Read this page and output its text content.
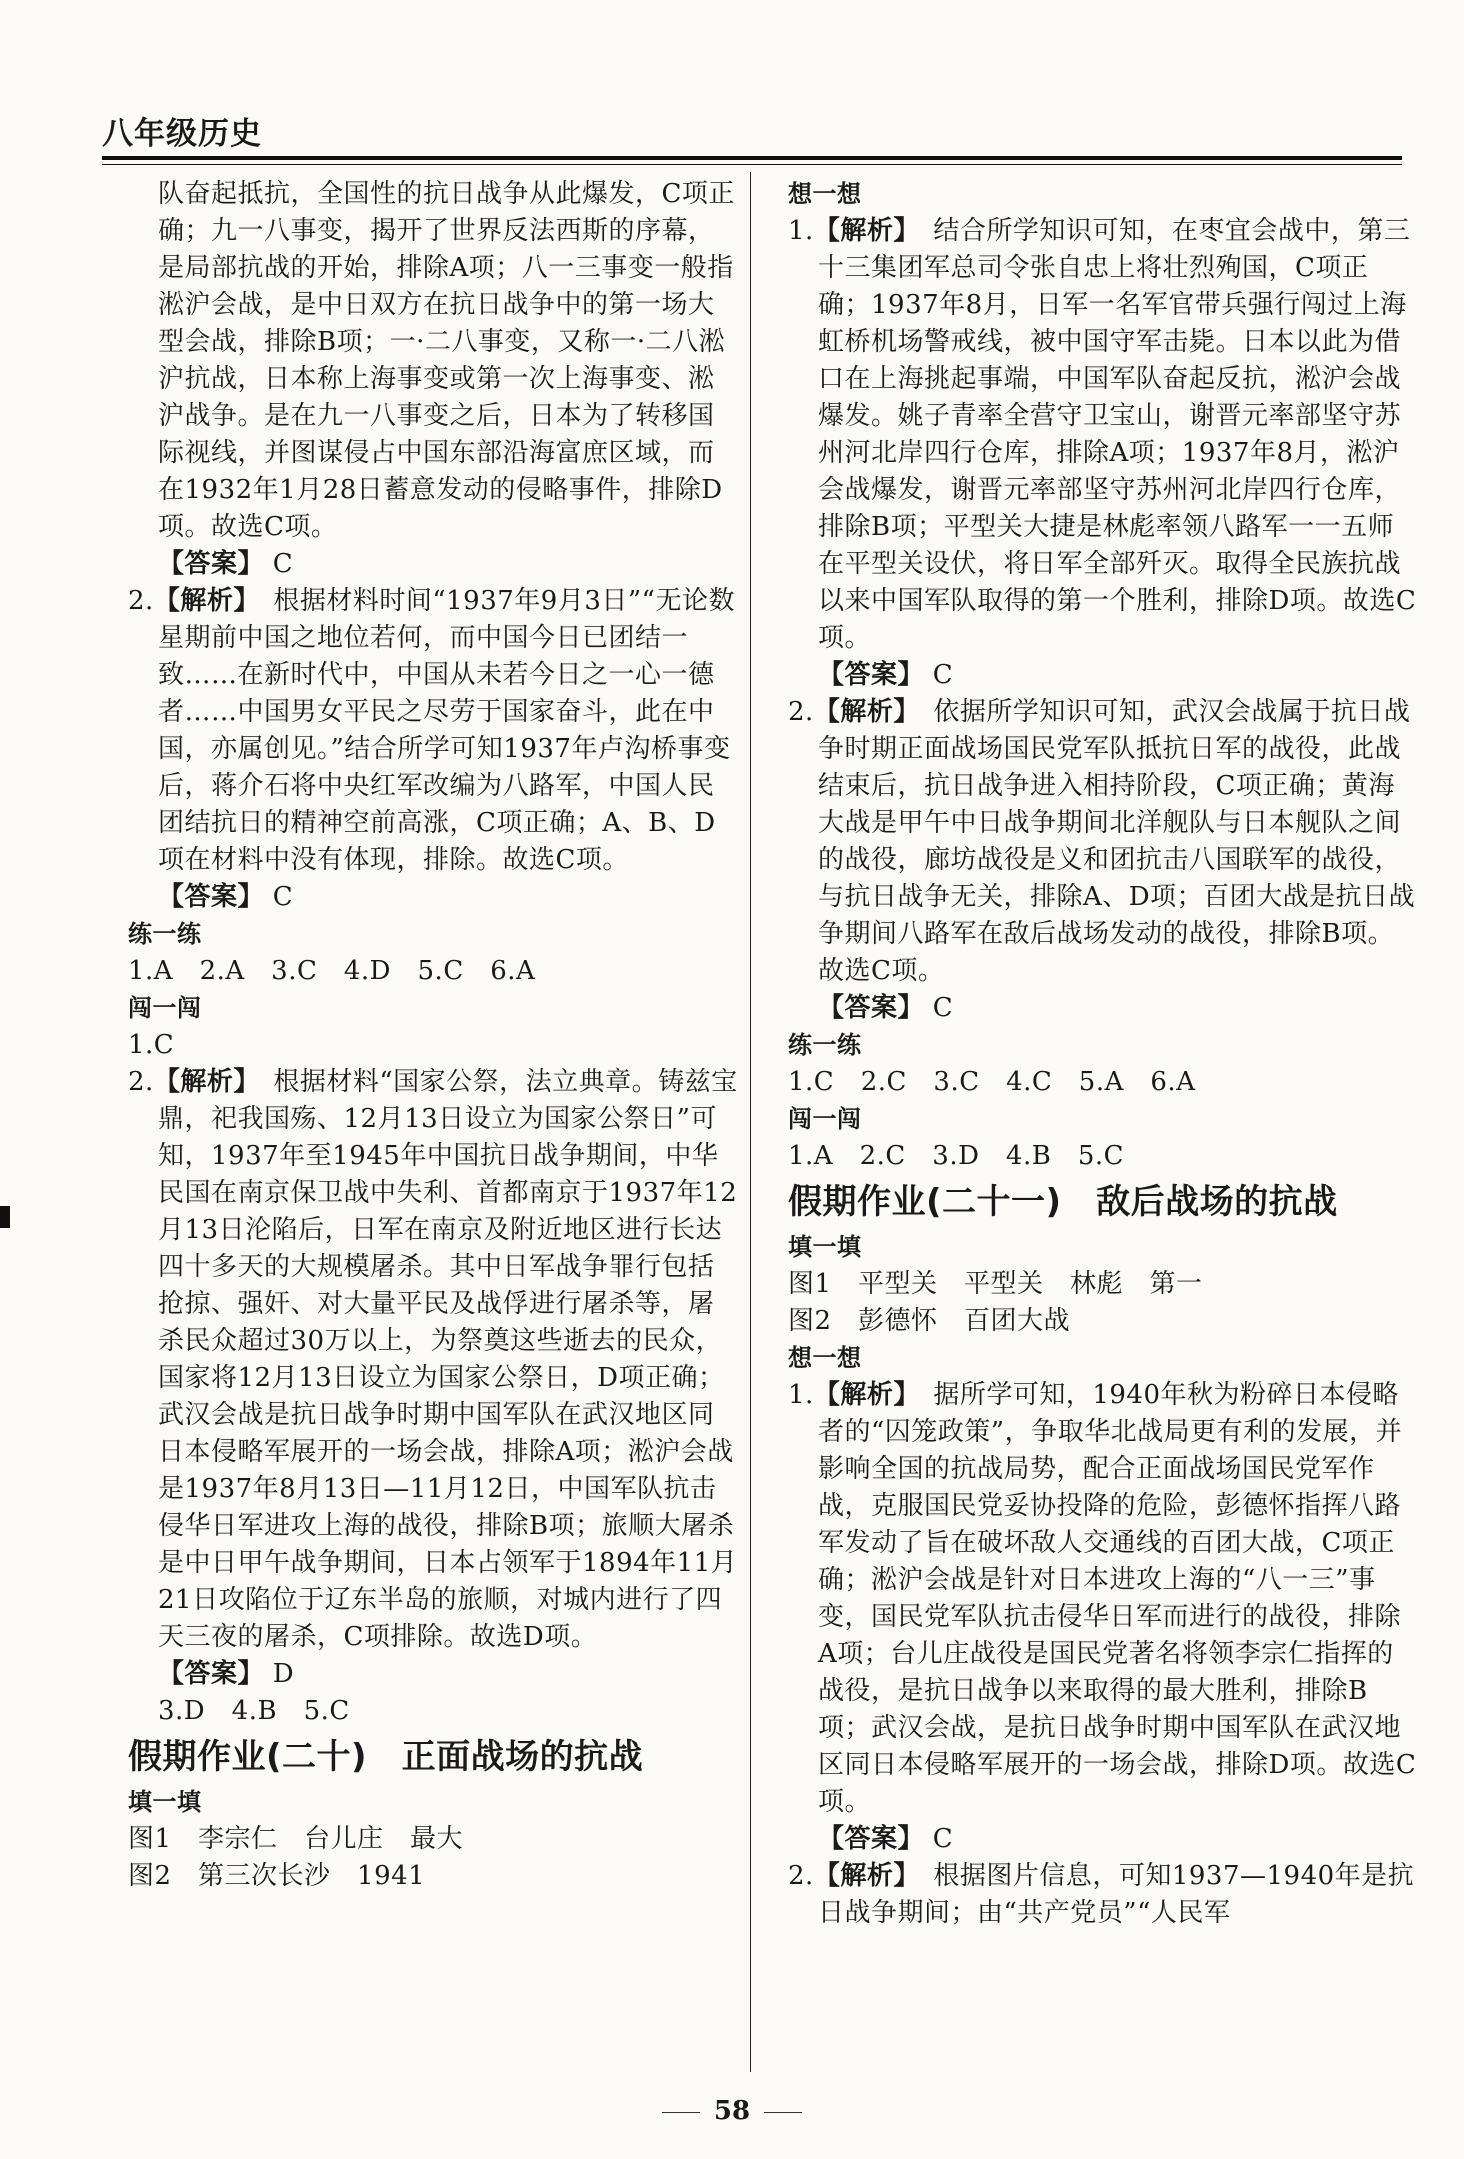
八年级历史

队奋起抵抗，全国性的抗日战争从此爆发，C项正确；九一八事变，揭开了世界反法西斯的序幕，是局部抗战的开始，排除A项；八一三事变一般指淞沪会战，是中日双方在抗日战争中的第一场大型会战，排除B项；一·二八事变，又称一·二八淞沪抗战，日本称上海事变或第一次上海事变、淞沪战争。是在九一八事变之后，日本为了转移国际视线，并图谋侵占中国东部沿海富庶区域，而在1932年1月28日蓄意发动的侵略事件，排除D项。故选C项。

【答案】 C

2.【解析】　 根据材料时间“1937年9月3日”“无论数星期前中国之地位若何，而中国今日已团结一致……在新时代中，中国从未若今日之一心一德者……中国男女平民之尽劳于国家奋斗，此在中国，亦属创见。”结合所学可知1937年卢沟桥事变后，蒋介石将中央红军改编为八路军，中国人民团结抗日的精神空前高涨，C项正确；A、B、D项在材料中没有体现，排除。故选C项。

【答案】 C

练一练

1.A　2.A　3.C　4.D　5.C　6.A

闯一闯

1.C

2.【解析】　 根据材料“国家公祭，法立典章。铸兹宝鼎，祀我国殇、12月13日设立为国家公祭日”可知，1937年至1945年中国抗日战争期间，中华民国在南京保卫战中失利、首都南京于1937年12月13日沦陷后，日军在南京及附近地区进行长达四十多天的大规模屠杀。其中日军战争罪行包括抢掠、强奸、对大量平民及战俘进行屠杀等，屠杀民众超过30万以上，为祭奠这些逝去的民众，国家将12月13日设立为国家公祭日，D项正确；武汉会战是抗日战争时期中国军队在武汉地区同日本侵略军展开的一场会战，排除A项；淞沪会战是1937年8月13日—11月12日，中国军队抗击侵华日军进攻上海的战役，排除B项；旅顺大屠杀是中日甲午战争期间，日本占领军于1894年11月21日攻陷位于辽东半岛的旅顺，对城内进行了四天三夜的屠杀，C项排除。故选D项。

【答案】 D

3.D　4.B　5.C

假期作业(二十)　正面战场的抗战

填一填

图1　李宗仁　台儿庄　最大

图2　第三次长沙　1941

想一想

1.【解析】　 结合所学知识可知，在枣宜会战中，第三十三集团军总司令张自忠上将壮烈殉国，C项正确；1937年8月，日军一名军官带兵强行闯过上海虹桥机场警戒线，被中国守军击毙。日本以此为借口在上海挑起事端，中国军队奋起反抗，淞沪会战爆发。姚子青率全营守卫宝山，谢晋元率部坚守苏州河北岸四行仓库，排除A项；1937年8月，淞沪会战爆发，谢晋元率部坚守苏州河北岸四行仓库，排除B项；平型关大捷是林彪率领八路军一一五师在平型关设伏，将日军全部歼灭。取得全民族抗战以来中国军队取得的第一个胜利，排除D项。故选C项。

【答案】 C

2.【解析】　 依据所学知识可知，武汉会战属于抗日战争时期正面战场国民党军队抵抗日军的战役，此战结束后，抗日战争进入相持阶段，C项正确；黄海大战是甲午中日战争期间北洋舰队与日本舰队之间的战役，廊坊战役是义和团抗击八国联军的战役，与抗日战争无关，排除A、D项；百团大战是抗日战争期间八路军在敌后战场发动的战役，排除B项。故选C项。

【答案】 C

练一练

1.C　2.C　3.C　4.C　5.A　6.A

闯一闯

1.A　2.C　3.D　4.B　5.C

假期作业(二十一)　敌后战场的抗战

填一填

图1　平型关　平型关　林彪　第一

图2　彭德怀　百团大战

想一想

1.【解析】　 据所学可知，1940年秋为粉碎日本侵略者的“囚笼政策”，争取华北战局更有利的发展，并影响全国的抗战局势，配合正面战场国民党军作战，克服国民党妥协投降的危险，彭德怀指挥八路军发动了旨在破坏敌人交通线的百团大战，C项正确；淞沪会战是针对日本进攻上海的“八一三”事变，国民党军队抗击侵华日军而进行的战役，排除A项；台儿庄战役是国民党著名将领李宗仁指挥的战役，是抗日战争以来取得的最大胜利，排除B项；武汉会战，是抗日战争时期中国军队在武汉地区同日本侵略军展开的一场会战，排除D项。故选C项。

【答案】 C

2.【解析】　 根据图片信息，可知1937—1940年是抗日战争期间；由“共产党员”“人民军

58
